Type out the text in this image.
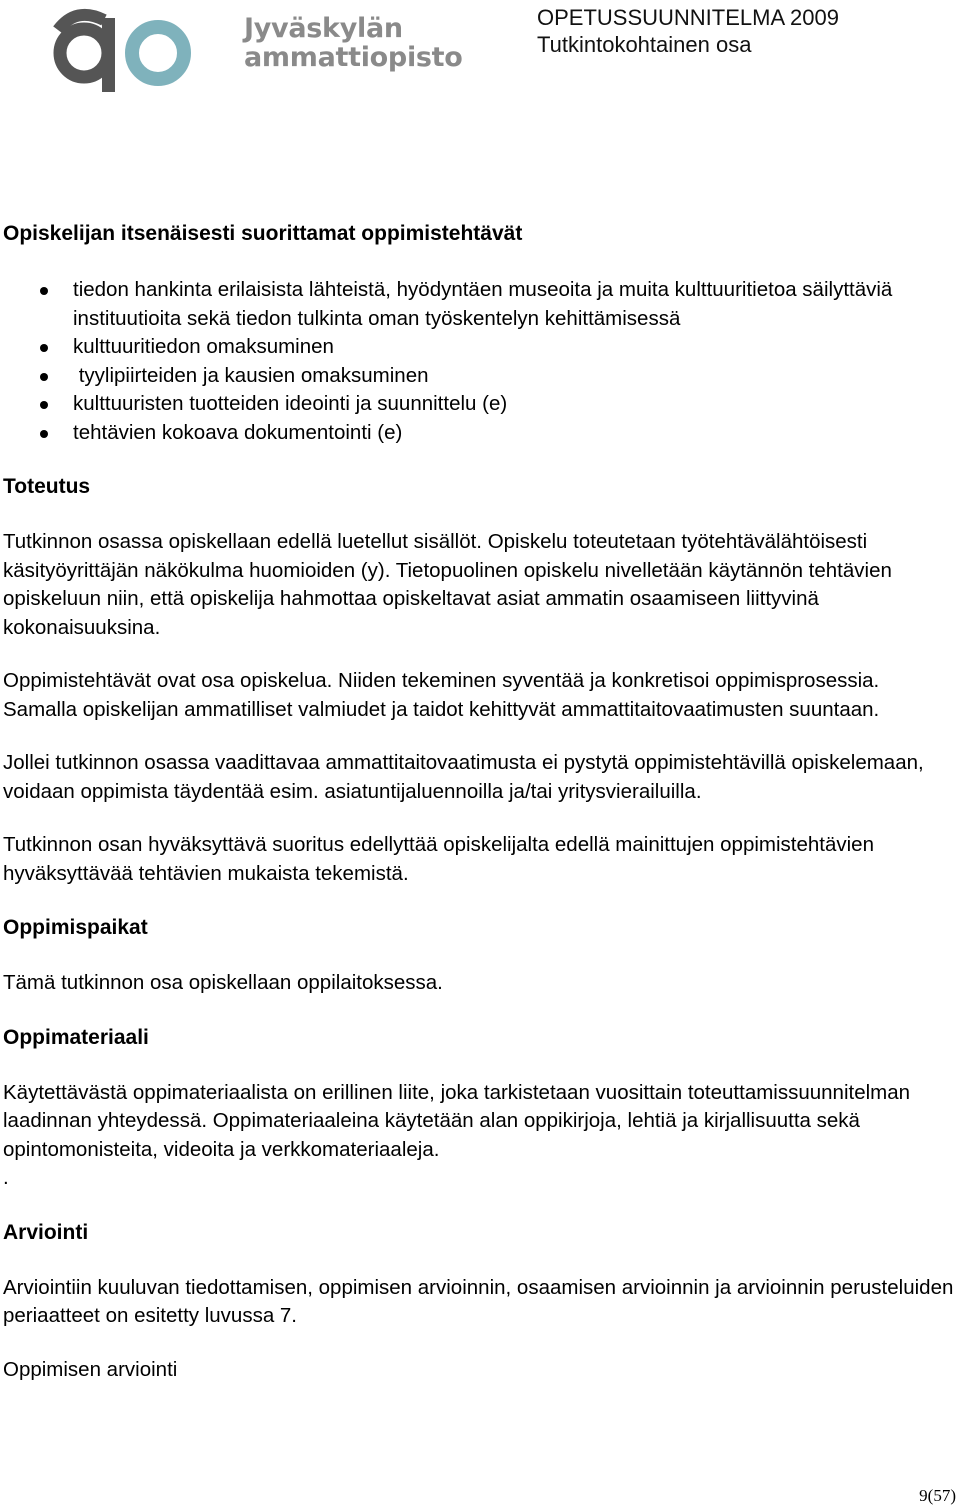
Jyväskylän
ammattiopisto
OPETUSSUUNNITELMA 2009
Tutkintokohtainen osa
Opiskelijan itsenäisesti suorittamat oppimistehtävät
tiedon hankinta erilaisista lähteistä, hyödyntäen museoita ja muita kulttuuritietoa säilyttäviä instituutioita sekä tiedon tulkinta oman työskentelyn kehittämisessä
kulttuuritiedon omaksuminen
tyylipiirteiden ja kausien omaksuminen
kulttuuristen tuotteiden ideointi ja suunnittelu (e)
tehtävien kokoava dokumentointi (e)
Toteutus

Tutkinnon osassa opiskellaan edellä luetellut sisällöt. Opiskelu toteutetaan työtehtävälähtöisesti käsityöyrittäjän näkökulma huomioiden (y). Tietopuolinen opiskelu nivelletään käytännön tehtävien opiskeluun niin, että opiskelija hahmottaa opiskeltavat asiat ammatin osaamiseen liittyvinä kokonaisuuksina.

Oppimistehtävät ovat osa opiskelua. Niiden tekeminen syventää ja konkretisoi oppimisprosessia. Samalla opiskelijan ammatilliset valmiudet ja taidot kehittyvät ammattitaitovaatimusten suuntaan.

Jollei tutkinnon osassa vaadittavaa ammattitaitovaatimusta ei pystytä oppimistehtävillä opiskelemaan, voidaan oppimista täydentää esim. asiatuntijaluennoilla ja/tai yritysvierailuilla.

Tutkinnon osan hyväksyttävä suoritus edellyttää opiskelijalta edellä mainittujen oppimistehtävien hyväksyttävää tehtävien mukaista tekemistä.

Oppimispaikat

Tämä tutkinnon osa opiskellaan oppilaitoksessa.

Oppimateriaali

Käytettävästä oppimateriaalista on erillinen liite, joka tarkistetaan vuosittain toteuttamissuunnitelman laadinnan yhteydessä. Oppimateriaaleina käytetään alan oppikirjoja, lehtiä ja kirjallisuutta sekä opintomonisteita, videoita ja verkkomateriaaleja.

.

Arviointi

Arviointiin kuuluvan tiedottamisen, oppimisen arvioinnin, osaamisen arvioinnin ja arvioinnin perusteluiden periaatteet on esitetty luvussa 7.

Oppimisen arviointi

9(57)
